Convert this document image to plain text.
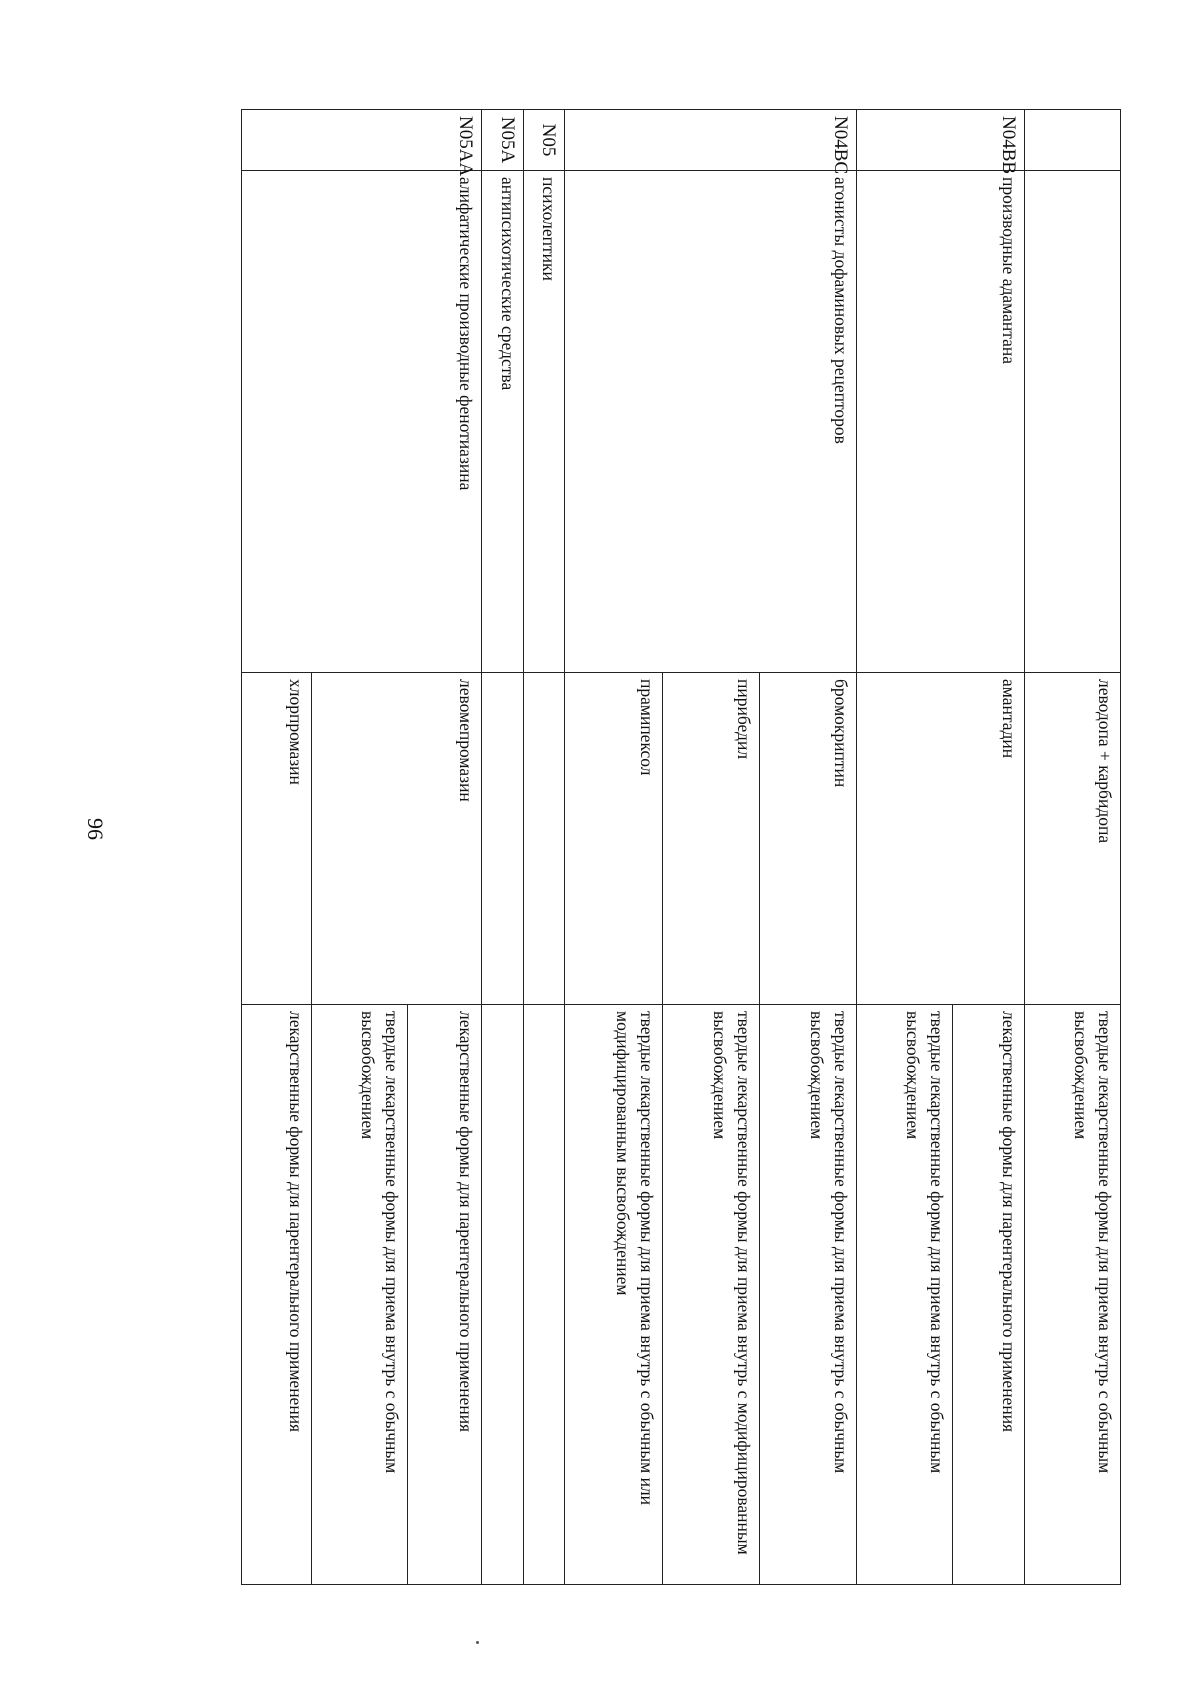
96
			леводопа + карбидопа	твердые лекарственные формы для приема внутрь с обычным высвобождением
N04BB	производные адамантана	амантадин	лекарственные формы для парентерального применения
			твердые лекарственные формы для приема внутрь с обычным высвобождением
N04BC	агонисты дофаминовых рецепторов	бромокриптин	твердые лекарственные формы для приема внутрь с обычным высвобождением
		пирибедил	твердые лекарственные формы для приема внутрь с модифицированным высвобождением
		прамипексол	твердые лекарственные формы для приема внутрь с обычным или модифицированным высвобождением
N05	психолептики		
N05A	антипсихотические средства		
N05AA	алифатические производные фенотиазина	левомепромазин	лекарственные формы для парентерального применения
			твердые лекарственные формы для приема внутрь с обычным высвобождением
		хлорпромазин	лекарственные формы для парентерального применения
